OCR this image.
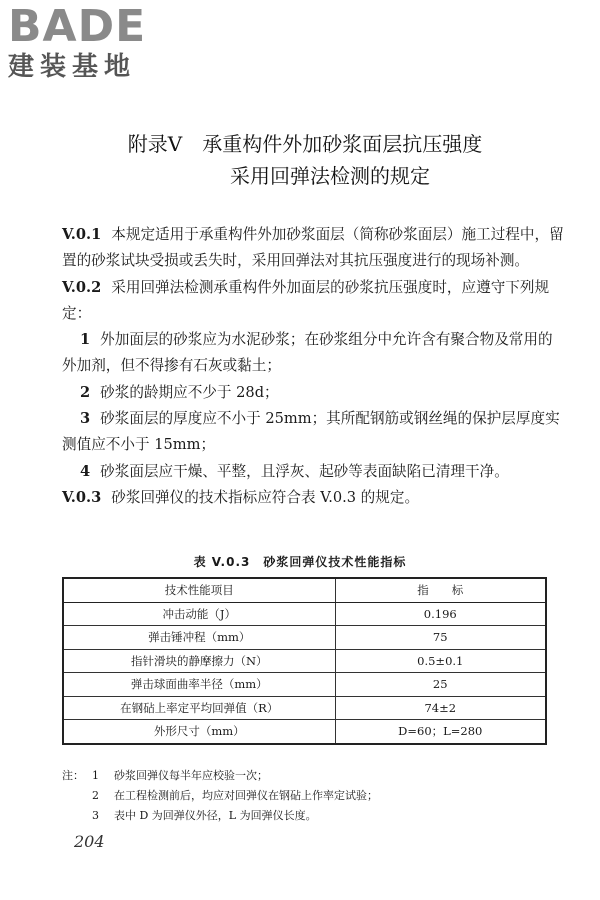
BADE
建装基地
附录V　承重构件外加砂浆面层抗压强度
采用回弹法检测的规定

V.0.1 本规定适用于承重构件外加砂浆面层（简称砂浆面层）施工过程中，留置的砂浆试块受损或丢失时，采用回弹法对其抗压强度进行的现场补测。

V.0.2 采用回弹法检测承重构件外加面层的砂浆抗压强度时，应遵守下列规定：

1 外加面层的砂浆应为水泥砂浆；在砂浆组分中允许含有聚合物及常用的外加剂，但不得掺有石灰或黏土；

2 砂浆的龄期应不少于 28d；

3 砂浆面层的厚度应不小于 25mm；其所配钢筋或钢丝绳的保护层厚度实测值应不小于 15mm；

4 砂浆面层应干燥、平整，且浮灰、起砂等表面缺陷已清理干净。

V.0.3 砂浆回弹仪的技术指标应符合表 V.0.3 的规定。

表 V.0.3　砂浆回弹仪技术性能指标
技术性能项目	指　　标
冲击动能（J）	0.196
弹击锤冲程（mm）	75
指针滑块的静摩擦力（N）	0.5±0.1
弹击球面曲率半径（mm）	25
在钢砧上率定平均回弹值（R）	74±2
外形尺寸（mm）	D=60；L=280
注： 1	砂浆回弹仪每半年应校验一次；
2	在工程检测前后，均应对回弹仪在钢砧上作率定试验；
3	表中 D 为回弹仪外径，L 为回弹仪长度。
204
